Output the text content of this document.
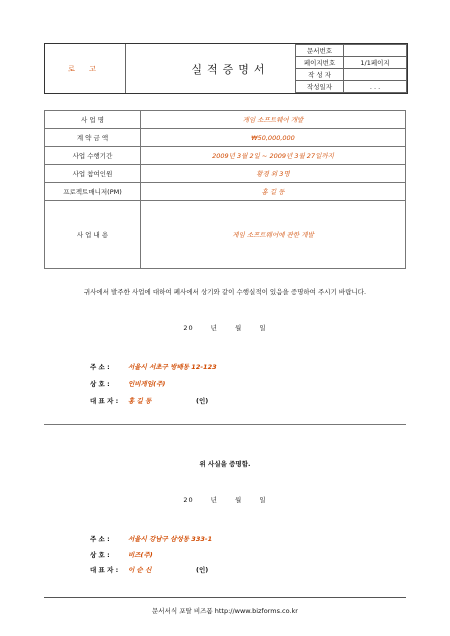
로 고	실적증명서
문서번호	
페이지번호	1/1페이지
작 성 자	
작성일자	. . .
사 업 명	게임 소프트웨어 개발
계 약 금 액	₩50,000,000
사업 수행기간	2009년 3월 2일 ~ 2009년 3월 27일까지
사업 참여인원	황경 외 3명
프로젝트매니저(PM)	홍 길 동
사 업 내 용	게임 소프트웨어에 관한 개발
귀사에서 발주한 사업에 대하여 폐사에서 상기와 같이 수행실적이 있음을 증명하여 주시기 바랍니다.
20 년 월 일
주 소 :	서울시 서초구 방배동 12-123
상 호 :	인비게임(주)
대 표 자 : 홍 길 동	(인)
위 사실을 증명함.
20 년 월 일
주 소 :	서울시 강남구 삼성동 333-1
상 호 :	비즈(주)
대 표 자 : 이 순 신	(인)
문서서식 포탈 비즈폼 http://www.bizforms.co.kr
